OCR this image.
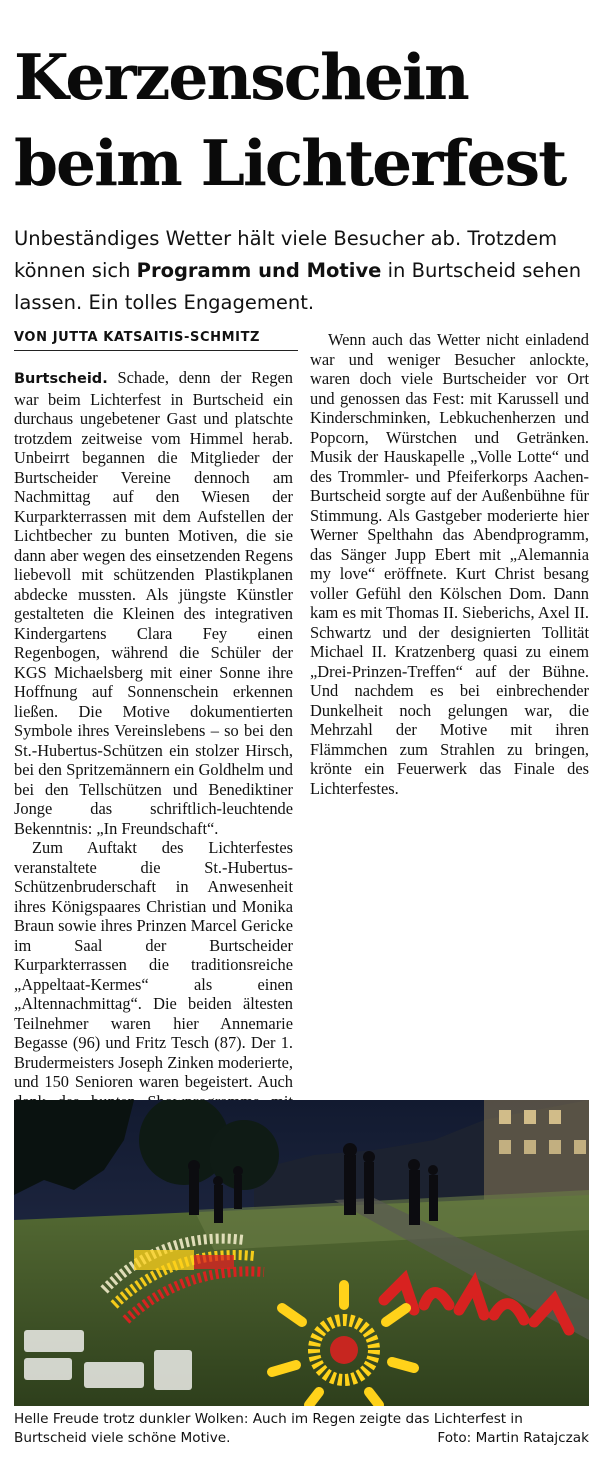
Kerzenschein
beim Lichterfest

Unbeständiges Wetter hält viele Besucher ab. Trotzdem können sich Programm und Motive in Burtscheid sehen lassen. Ein tolles Engagement.

VON JUTTA KATSAITIS-SCHMITZ

Burtscheid. Schade, denn der Regen war beim Lichterfest in Burtscheid ein durchaus ungebetener Gast und platschte trotzdem zeitweise vom Himmel herab. Unbeirrt begannen die Mitglieder der Burtscheider Vereine dennoch am Nachmittag auf den Wiesen der Kurparkterrassen mit dem Aufstellen der Lichtbecher zu bunten Motiven, die sie dann aber wegen des einsetzenden Regens liebevoll mit schützenden Plastikplanen abdecke mussten. Als jüngste Künstler gestalteten die Kleinen des integrativen Kindergartens Clara Fey einen Regenbogen, während die Schüler der KGS Michaelsberg mit einer Sonne ihre Hoffnung auf Sonnenschein erkennen ließen. Die Motive dokumentierten Symbole ihres Vereinslebens – so bei den St.-Hubertus-Schützen ein stolzer Hirsch, bei den Spritzemännern ein Goldhelm und bei den Tellschützen und Benediktiner Jonge das schriftlich-leuchtende Bekenntnis: „In Freundschaft“.

Zum Auftakt des Lichterfestes veranstaltete die St.-Hubertus-Schützenbruderschaft in Anwesenheit ihres Königspaares Christian und Monika Braun sowie ihres Prinzen Marcel Gericke im Saal der Burtscheider Kurparkterrassen die traditionsreiche „Appeltaat-Kermes“ als einen „Altennachmittag“. Die beiden ältesten Teilnehmer waren hier Annemarie Begasse (96) und Fritz Tesch (87). Der 1. Brudermeisters Joseph Zinken moderierte, und 150 Senioren waren begeistert. Auch

Wenn auch das Wetter nicht einladend war und weniger Besucher anlockte, waren doch viele Burtscheider vor Ort und genossen das Fest: mit Karussell und Kinderschminken, Lebkuchenherzen und Popcorn, Würstchen und Getränken. Musik der Hauskapelle „Volle Lotte“ und des Trommler- und Pfeiferkorps Aachen-Burtscheid sorgte auf der Außenbühne für Stimmung. Als Gastgeber moderierte hier Werner Spelthahn das Abendprogramm, das Sänger Jupp Ebert mit „Alemannia my love“ eröffnete. Kurt Christ besang voller Gefühl den Kölschen Dom. Dann kam es mit Thomas II. Sieberichs, Axel II. Schwartz und der designierten Tollität Michael II. Kratzenberg quasi zu einem „Drei-Prinzen-Treffen“ auf der Bühne. Und nachdem es bei einbrechender Dunkelheit noch gelungen war, die Mehrzahl der Motive mit ihren Flämmchen zum Strahlen zu bringen, krönte ein Feuerwerk das Finale des Lichterfestes.

Helle Freude trotz dunkler Wolken: Auch im Regen zeigte das Lichterfest in Burtscheid viele schöne Motive.	Foto: Martin Ratajczak
